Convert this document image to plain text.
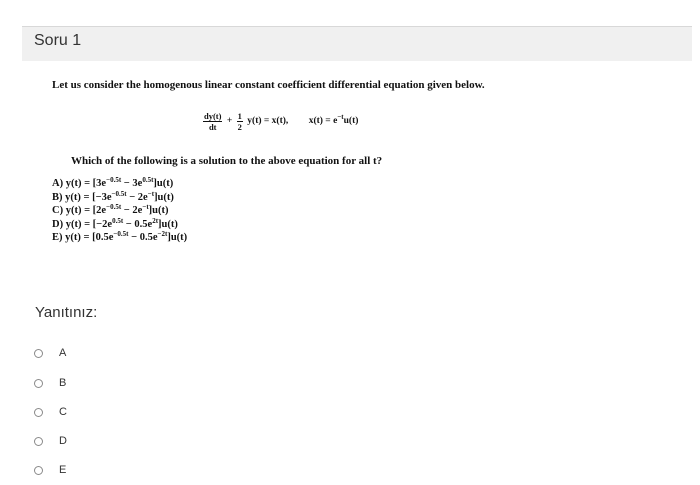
Soru 1
Let us consider the homogenous linear constant coefficient differential equation given below.
$\frac{dy(t)}{dt} + \frac{1}{2} y(t) = x(t)$, $x(t) = e^{-t}u(t)$
Which of the following is a solution to the above equation for all t?
A) $y(t) = [3e^{-0.5t} - 3e^{0.5t}]u(t)$
B) $y(t) = [-3e^{-0.5t} - 2e^{-t}]u(t)$
C) $y(t) = [2e^{-0.5t} - 2e^{-t}]u(t)$
D) $y(t) = [-2e^{0.5t} - 0.5e^{2t}]u(t)$
E) $y(t) = [0.5e^{-0.5t} - 0.5e^{-2t}]u(t)$
Yanıtınız:
A
B
C
D
E
